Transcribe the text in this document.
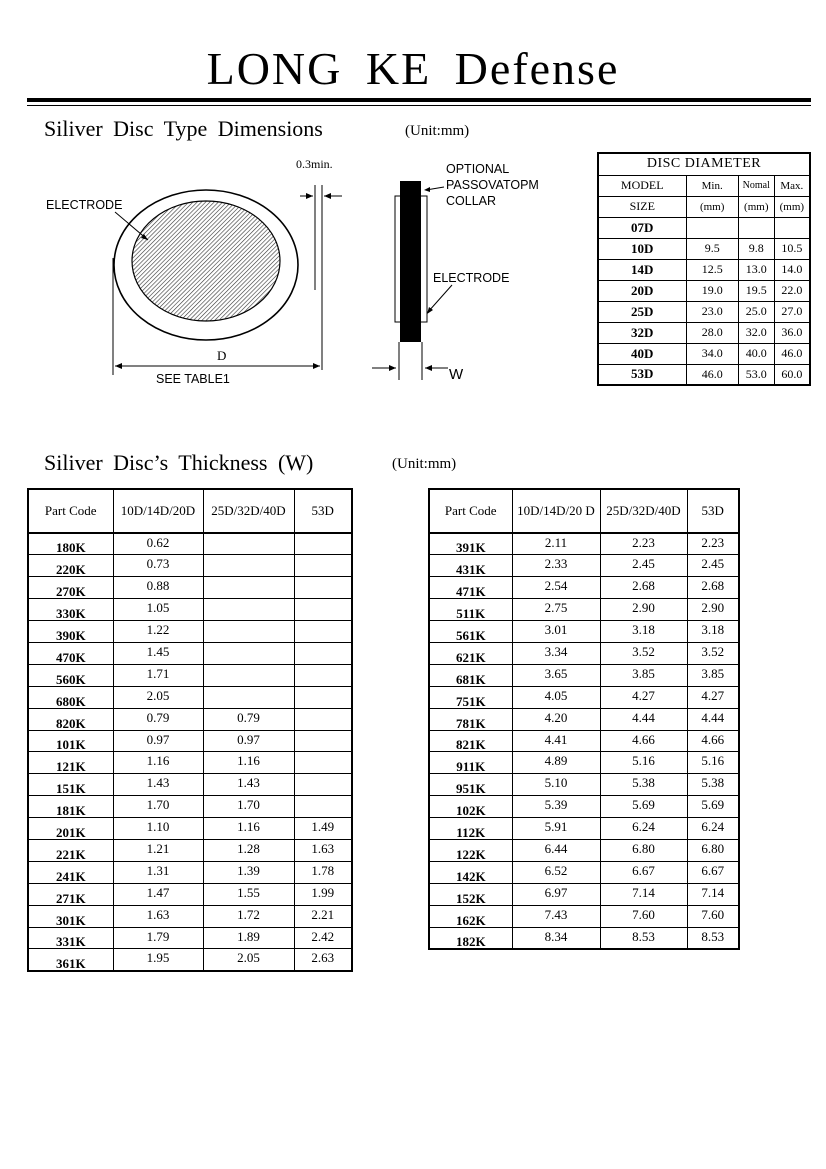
LONG KE Defense
Siliver Disc Type Dimensions	(Unit:mm)
ELECTRODE
0.3min.
D
SEE TABLE1	W
OPTIONAL
PASSOVATOPM
COLLAR
ELECTRODE
DISC DIAMETER			
MODEL	Min.	Nomal	Max.
SIZE	(mm)	(mm)	(mm)
07D			
10D	9.5	9.8	10.5
14D	12.5	13.0	14.0
20D	19.0	19.5	22.0
25D	23.0	25.0	27.0
32D	28.0	32.0	36.0
40D	34.0	40.0	46.0
53D	46.0	53.0	60.0
Siliver Disc’s Thickness (W)	(Unit:mm)
Part Code	10D/14D/20D	25D/32D/40D	53D
180K	0.62		
220K	0.73		
270K	0.88		
330K	1.05		
390K	1.22		
470K	1.45		
560K	1.71		
680K	2.05		
820K	0.79	0.79	
101K	0.97	0.97	
121K	1.16	1.16	
151K	1.43	1.43	
181K	1.70	1.70	
201K	1.10	1.16	1.49
221K	1.21	1.28	1.63
241K	1.31	1.39	1.78
271K	1.47	1.55	1.99
301K	1.63	1.72	2.21
331K	1.79	1.89	2.42
361K	1.95	2.05	2.63
Part Code	10D/14D/20 D	25D/32D/40D	53D
391K	2.11	2.23	2.23
431K	2.33	2.45	2.45
471K	2.54	2.68	2.68
511K	2.75	2.90	2.90
561K	3.01	3.18	3.18
621K	3.34	3.52	3.52
681K	3.65	3.85	3.85
751K	4.05	4.27	4.27
781K	4.20	4.44	4.44
821K	4.41	4.66	4.66
911K	4.89	5.16	5.16
951K	5.10	5.38	5.38
102K	5.39	5.69	5.69
112K	5.91	6.24	6.24
122K	6.44	6.80	6.80
142K	6.52	6.67	6.67
152K	6.97	7.14	7.14
162K	7.43	7.60	7.60
182K	8.34	8.53	8.53
